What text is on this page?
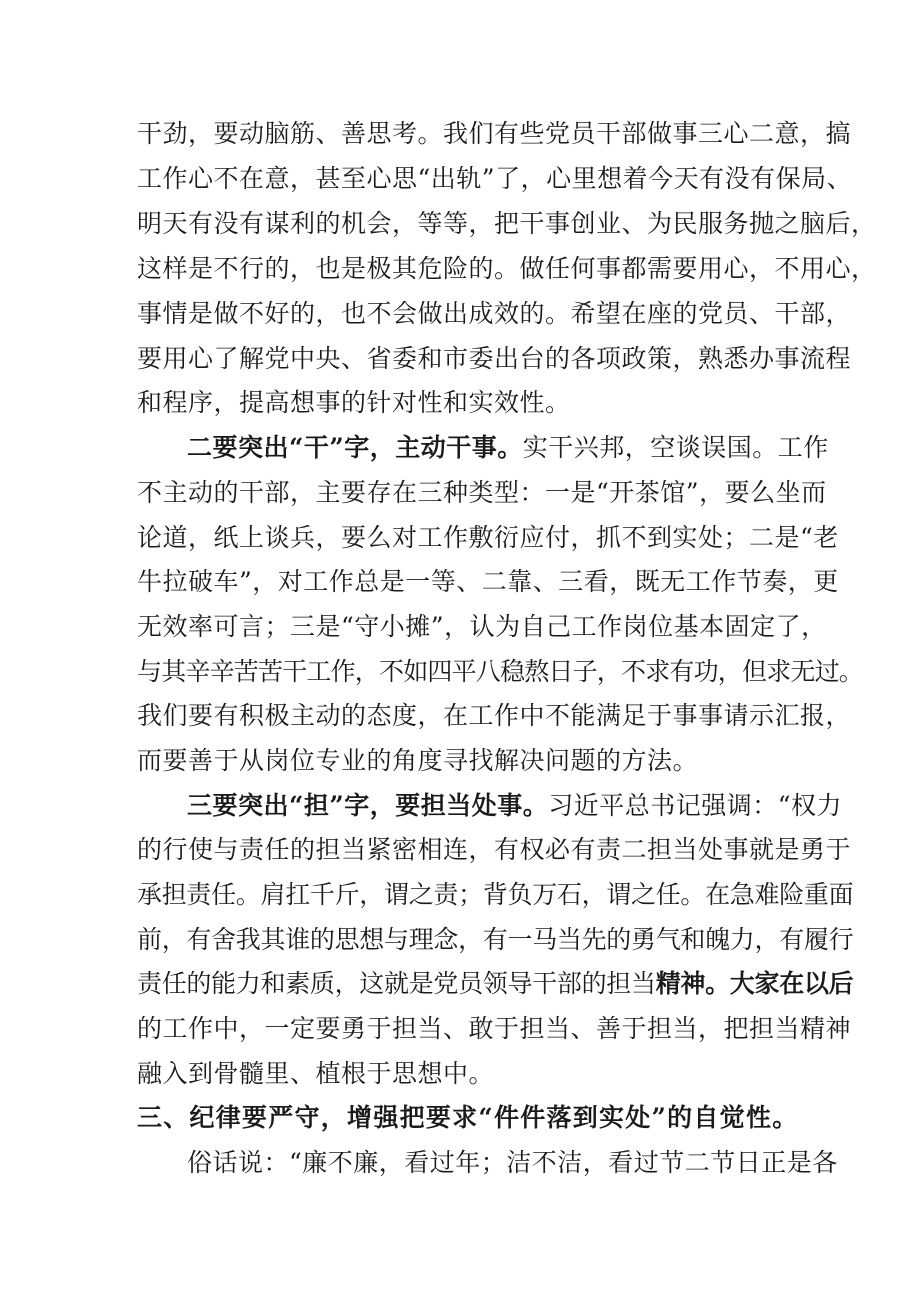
干劲，要动脑筋、善思考。我们有些党员干部做事三心二意，搞
工作心不在意，甚至心思“出轨”了，心里想着今天有没有保局、
明天有没有谋利的机会，等等，把干事创业、为民服务抛之脑后，
这样是不行的，也是极其危险的。做任何事都需要用心，不用心，
事情是做不好的，也不会做出成效的。希望在座的党员、干部，
要用心了解党中央、省委和市委出台的各项政策，熟悉办事流程
和程序，提高想事的针对性和实效性。
二要突出“干”字，主动干事。实干兴邦，空谈误国。工作
不主动的干部，主要存在三种类型：一是“开茶馆”，要么坐而
论道，纸上谈兵，要么对工作敷衍应付，抓不到实处；二是“老
牛拉破车”，对工作总是一等、二靠、三看，既无工作节奏，更
无效率可言；三是“守小摊”，认为自己工作岗位基本固定了，
与其辛辛苦苦干工作，不如四平八稳熬日子，不求有功，但求无过。
我们要有积极主动的态度，在工作中不能满足于事事请示汇报，
而要善于从岗位专业的角度寻找解决问题的方法。
三要突出“担”字，要担当处事。习近平总书记强调：“权力
的行使与责任的担当紧密相连，有权必有责二担当处事就是勇于
承担责任。肩扛千斤，谓之责；背负万石，谓之任。在急难险重面
前，有舍我其谁的思想与理念，有一马当先的勇气和魄力，有履行
责任的能力和素质，这就是党员领导干部的担当精神。大家在以后
的工作中，一定要勇于担当、敢于担当、善于担当，把担当精神
融入到骨髓里、植根于思想中。
三、纪律要严守，增强把要求“件件落到实处”的自觉性。
俗话说：“廉不廉，看过年；洁不洁，看过节二节日正是各
